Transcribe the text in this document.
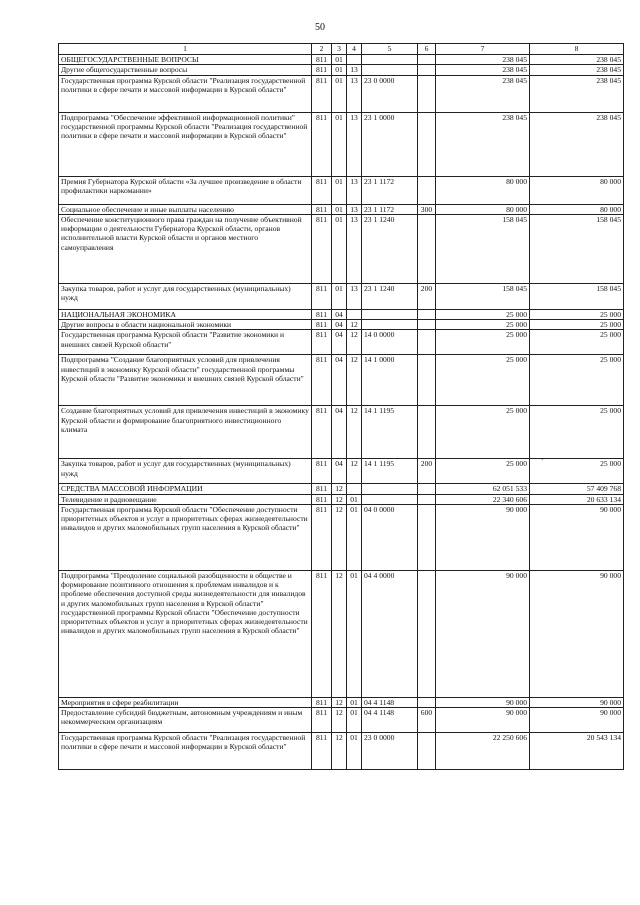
50
1	2	3	4	5	6	7	8
ОБЩЕГОСУДАРСТВЕННЫЕ ВОПРОСЫ	811	01				238 045	238 045
Другие общегосударственные вопросы	811	01	13			238 045	238 045
Государственная программа Курской области "Реализация государственной политики в сфере печати и массовой информации в Курской области"	811	01	13	23 0 0000		238 045	238 045
Подпрограмма "Обеспечение эффективной информационной политики" государственной программы Курской области "Реализация государственной политики в сфере печати и массовой информации в Курской области"	811	01	13	23 1 0000		238 045	238 045
Премия Губернатора Курской области «За лучшее произведение в области профилактики наркомании»	811	01	13	23 1 1172		80 000	80 000
Социальное обеспечение и иные выплаты населению	811	01	13	23 1 1172	300	80 000	80 000
Обеспечение конституционного права граждан на получение объективной информации о деятельности Губернатора Курской области, органов исполнительной власти Курской области и органов местного самоуправления	811	01	13	23 1 1240		158 045	158 045
Закупка товаров, работ и услуг для государственных (муниципальных) нужд	811	01	13	23 1 1240	200	158 045	158 045
НАЦИОНАЛЬНАЯ ЭКОНОМИКА	811	04				25 000	25 000
Другие вопросы в области национальной экономики	811	04	12			25 000	25 000
Государственная программа Курской области "Развитие экономики и внешних связей Курской области"	811	04	12	14 0 0000		25 000	25 000
Подпрограмма "Создание благоприятных условий для привлечения инвестиций в экономику Курской области" государственной программы Курской области "Развитие экономики и внешних связей Курской области"	811	04	12	14 1 0000		25 000	25 000
Создание благоприятных условий для привлечения инвестиций в экономику Курской области и формирование благоприятного инвестиционного климата	811	04	12	14 1 1195		25 000	25 000
Закупка товаров, работ и услуг для государственных (муниципальных) нужд	811	04	12	14 1 1195	200	25 000	25 000
СРЕДСТВА МАССОВОЙ ИНФОРМАЦИИ	811	12				62 051 533	57 409 768
Телевидение и радиовещание	811	12	01			22 340 606	20 633 134
Государственная программа Курской области "Обеспечение доступности приоритетных объектов и услуг в приоритетных сферах жизнедеятельности инвалидов и других маломобильных групп населения в Курской области"	811	12	01	04 0 0000		90 000	90 000
Подпрограмма "Преодоление социальной разобщенности в обществе и формирование позитивного отношения к проблемам инвалидов и к проблеме обеспечения доступной среды жизнедеятельности для инвалидов и других маломобильных групп населения в Курской области" государственной программы Курской области "Обеспечение доступности приоритетных объектов и услуг в приоритетных сферах жизнедеятельности инвалидов и других маломобильных групп населения в Курской области"	811	12	01	04 4 0000		90 000	90 000
Мероприятия в сфере реабилитации	811	12	01	04 4 1148		90 000	90 000
Предоставление субсидий бюджетным, автономным учреждениям и иным некоммерческим организациям	811	12	01	04 4 1148	600	90 000	90 000
Государственная программа Курской области "Реализация государственной политики в сфере печати и массовой информации в Курской области"	811	12	01	23 0 0000		22 250 606	20 543 134
·
